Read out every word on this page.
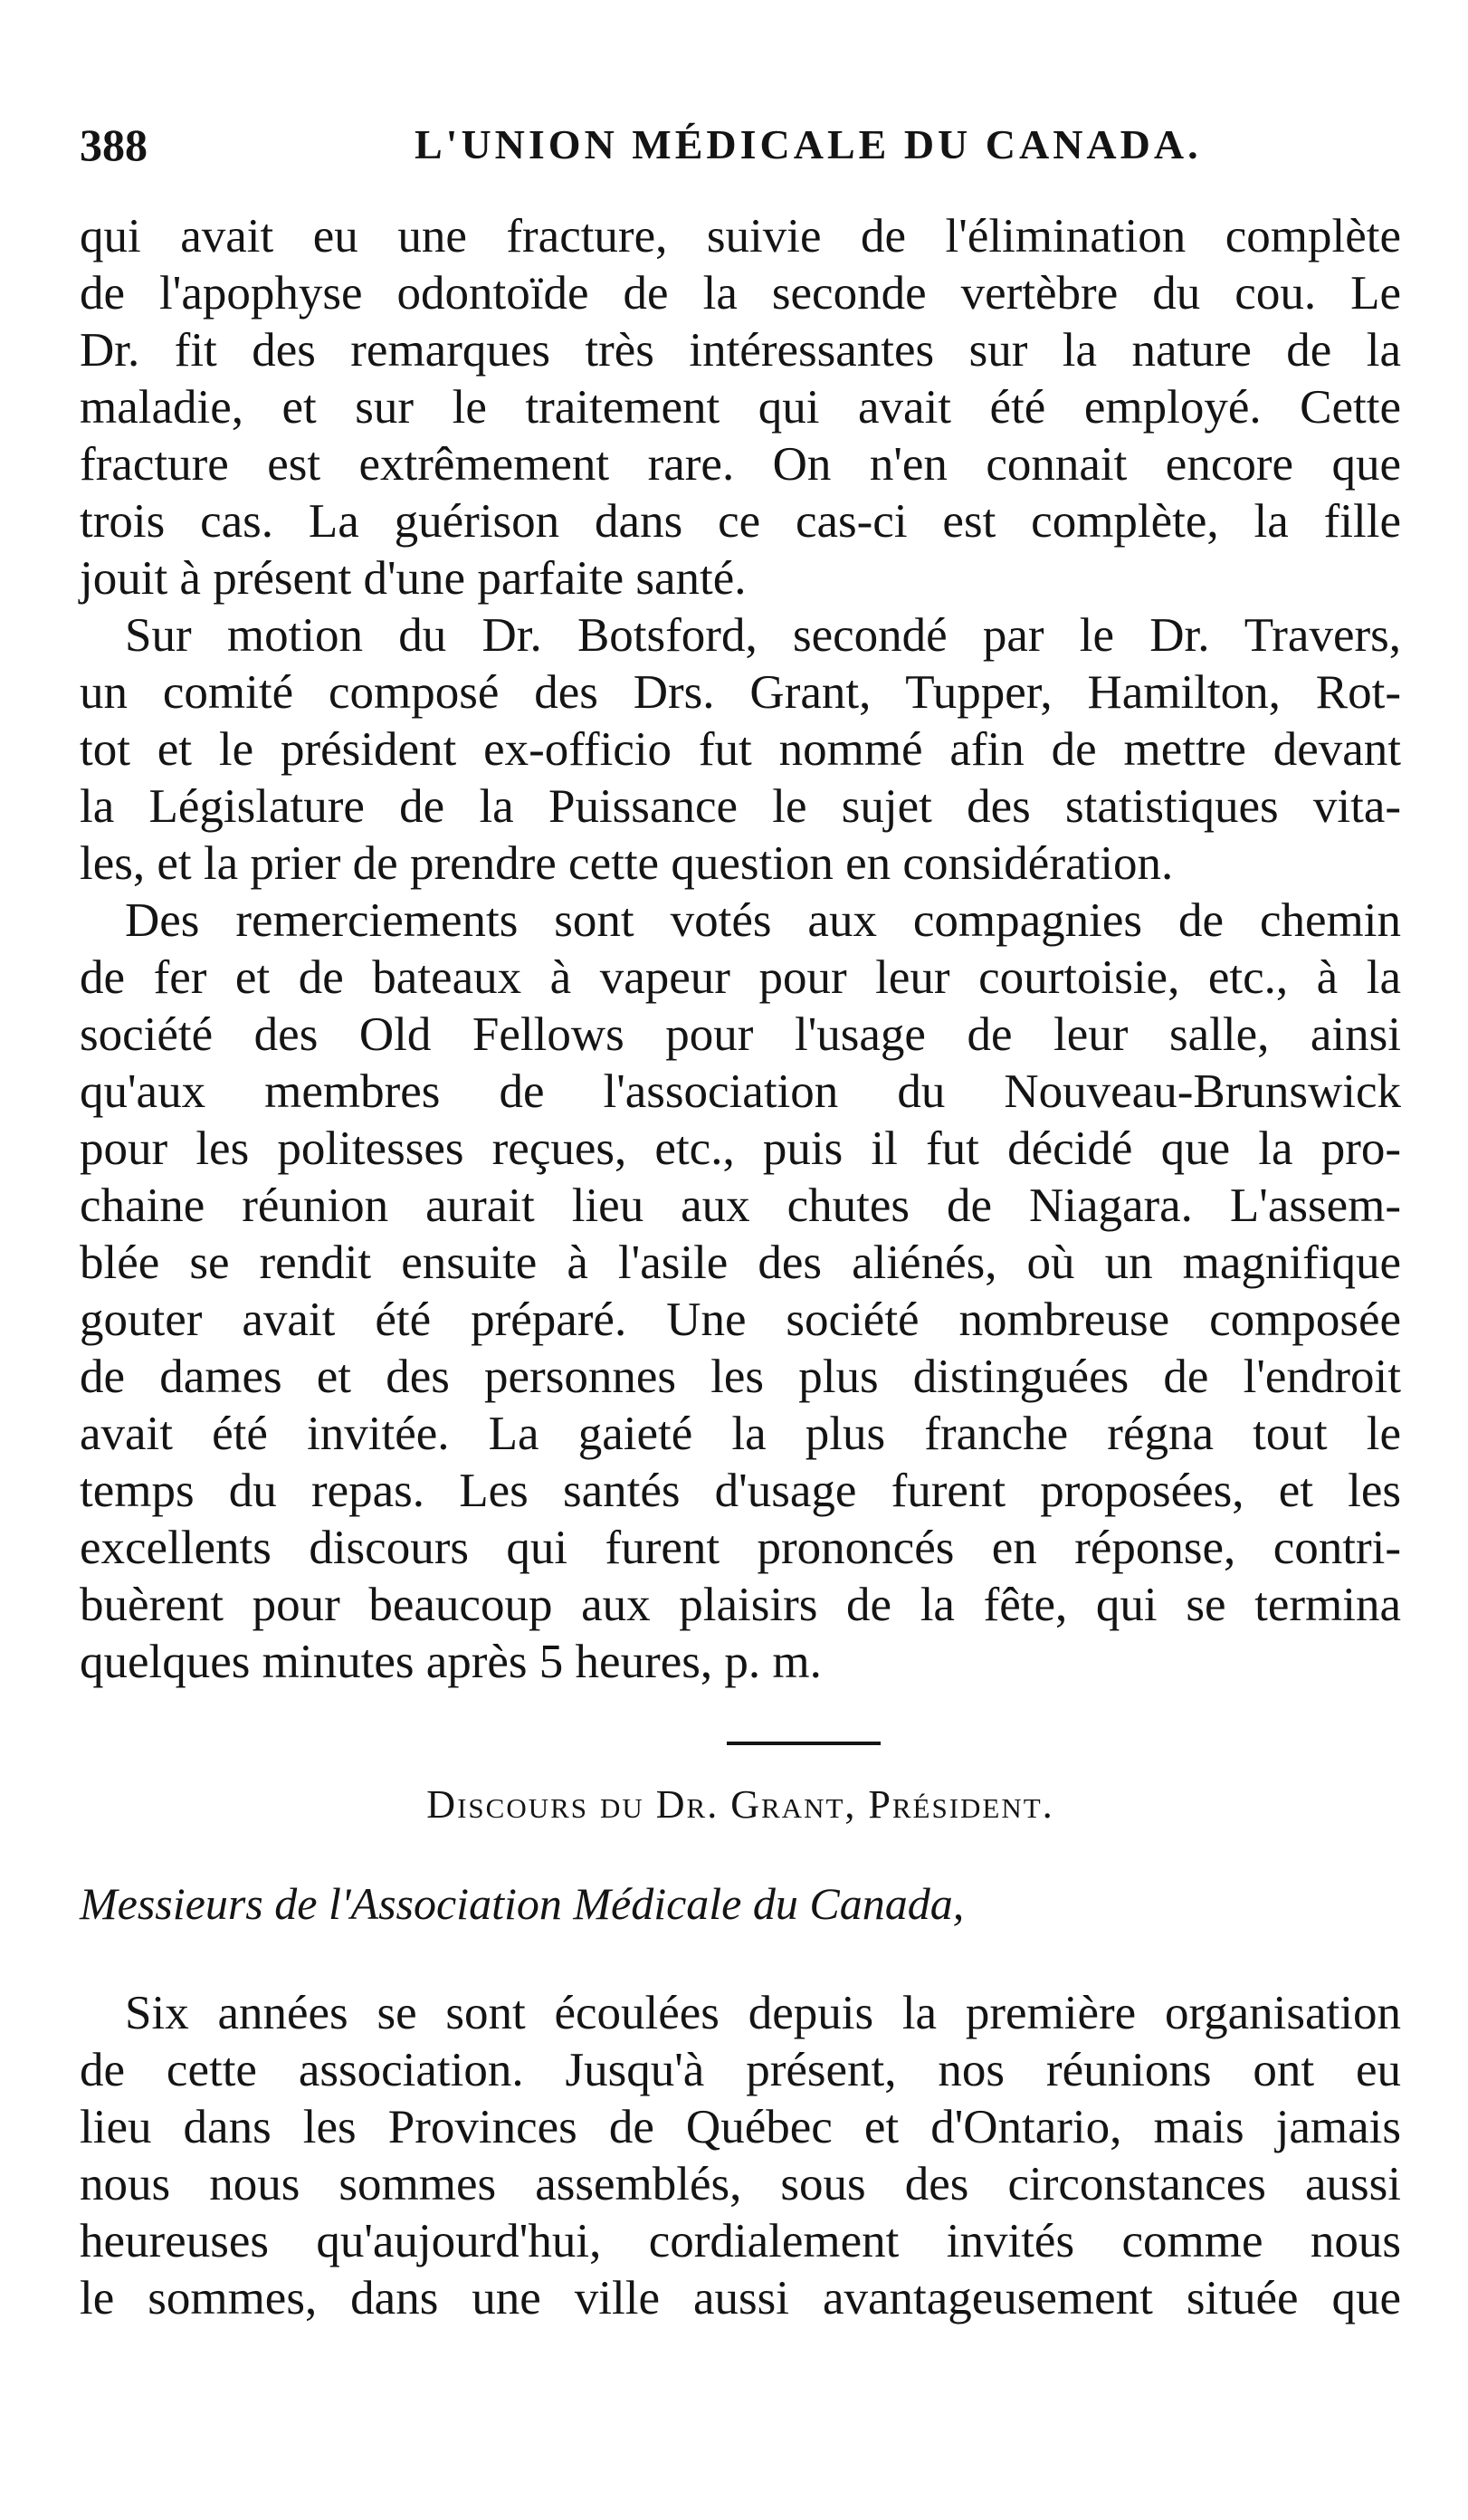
388	L'UNION MÉDICALE DU CANADA.

qui avait eu une fracture, suivie de l'élimination complète
de l'apophyse odontoïde de la seconde vertèbre du cou. Le
Dr. fit des remarques très intéressantes sur la nature de la
maladie, et sur le traitement qui avait été employé. Cette
fracture est extrêmement rare. On n'en connait encore que
trois cas. La guérison dans ce cas-ci est complète, la fille
jouit à présent d'une parfaite santé.

Sur motion du Dr. Botsford, secondé par le Dr. Travers,
un comité composé des Drs. Grant, Tupper, Hamilton, Rot-
tot et le président ex-officio fut nommé afin de mettre devant
la Législature de la Puissance le sujet des statistiques vita-
les, et la prier de prendre cette question en considération.

Des remerciements sont votés aux compagnies de chemin
de fer et de bateaux à vapeur pour leur courtoisie, etc., à la
société des Old Fellows pour l'usage de leur salle, ainsi
qu'aux membres de l'association du Nouveau-Brunswick
pour les politesses reçues, etc., puis il fut décidé que la pro-
chaine réunion aurait lieu aux chutes de Niagara. L'assem-
blée se rendit ensuite à l'asile des aliénés, où un magnifique
gouter avait été préparé. Une société nombreuse composée
de dames et des personnes les plus distinguées de l'endroit
avait été invitée. La gaieté la plus franche régna tout le
temps du repas. Les santés d'usage furent proposées, et les
excellents discours qui furent prononcés en réponse, contri-
buèrent pour beaucoup aux plaisirs de la fête, qui se termina
quelques minutes après 5 heures, p. m.

Discours du Dr. Grant, Président.
Messieurs de l'Association Médicale du Canada,

Six années se sont écoulées depuis la première organisation
de cette association. Jusqu'à présent, nos réunions ont eu
lieu dans les Provinces de Québec et d'Ontario, mais jamais
nous nous sommes assemblés, sous des circonstances aussi
heureuses qu'aujourd'hui, cordialement invités comme nous
le sommes, dans une ville aussi avantageusement située que
